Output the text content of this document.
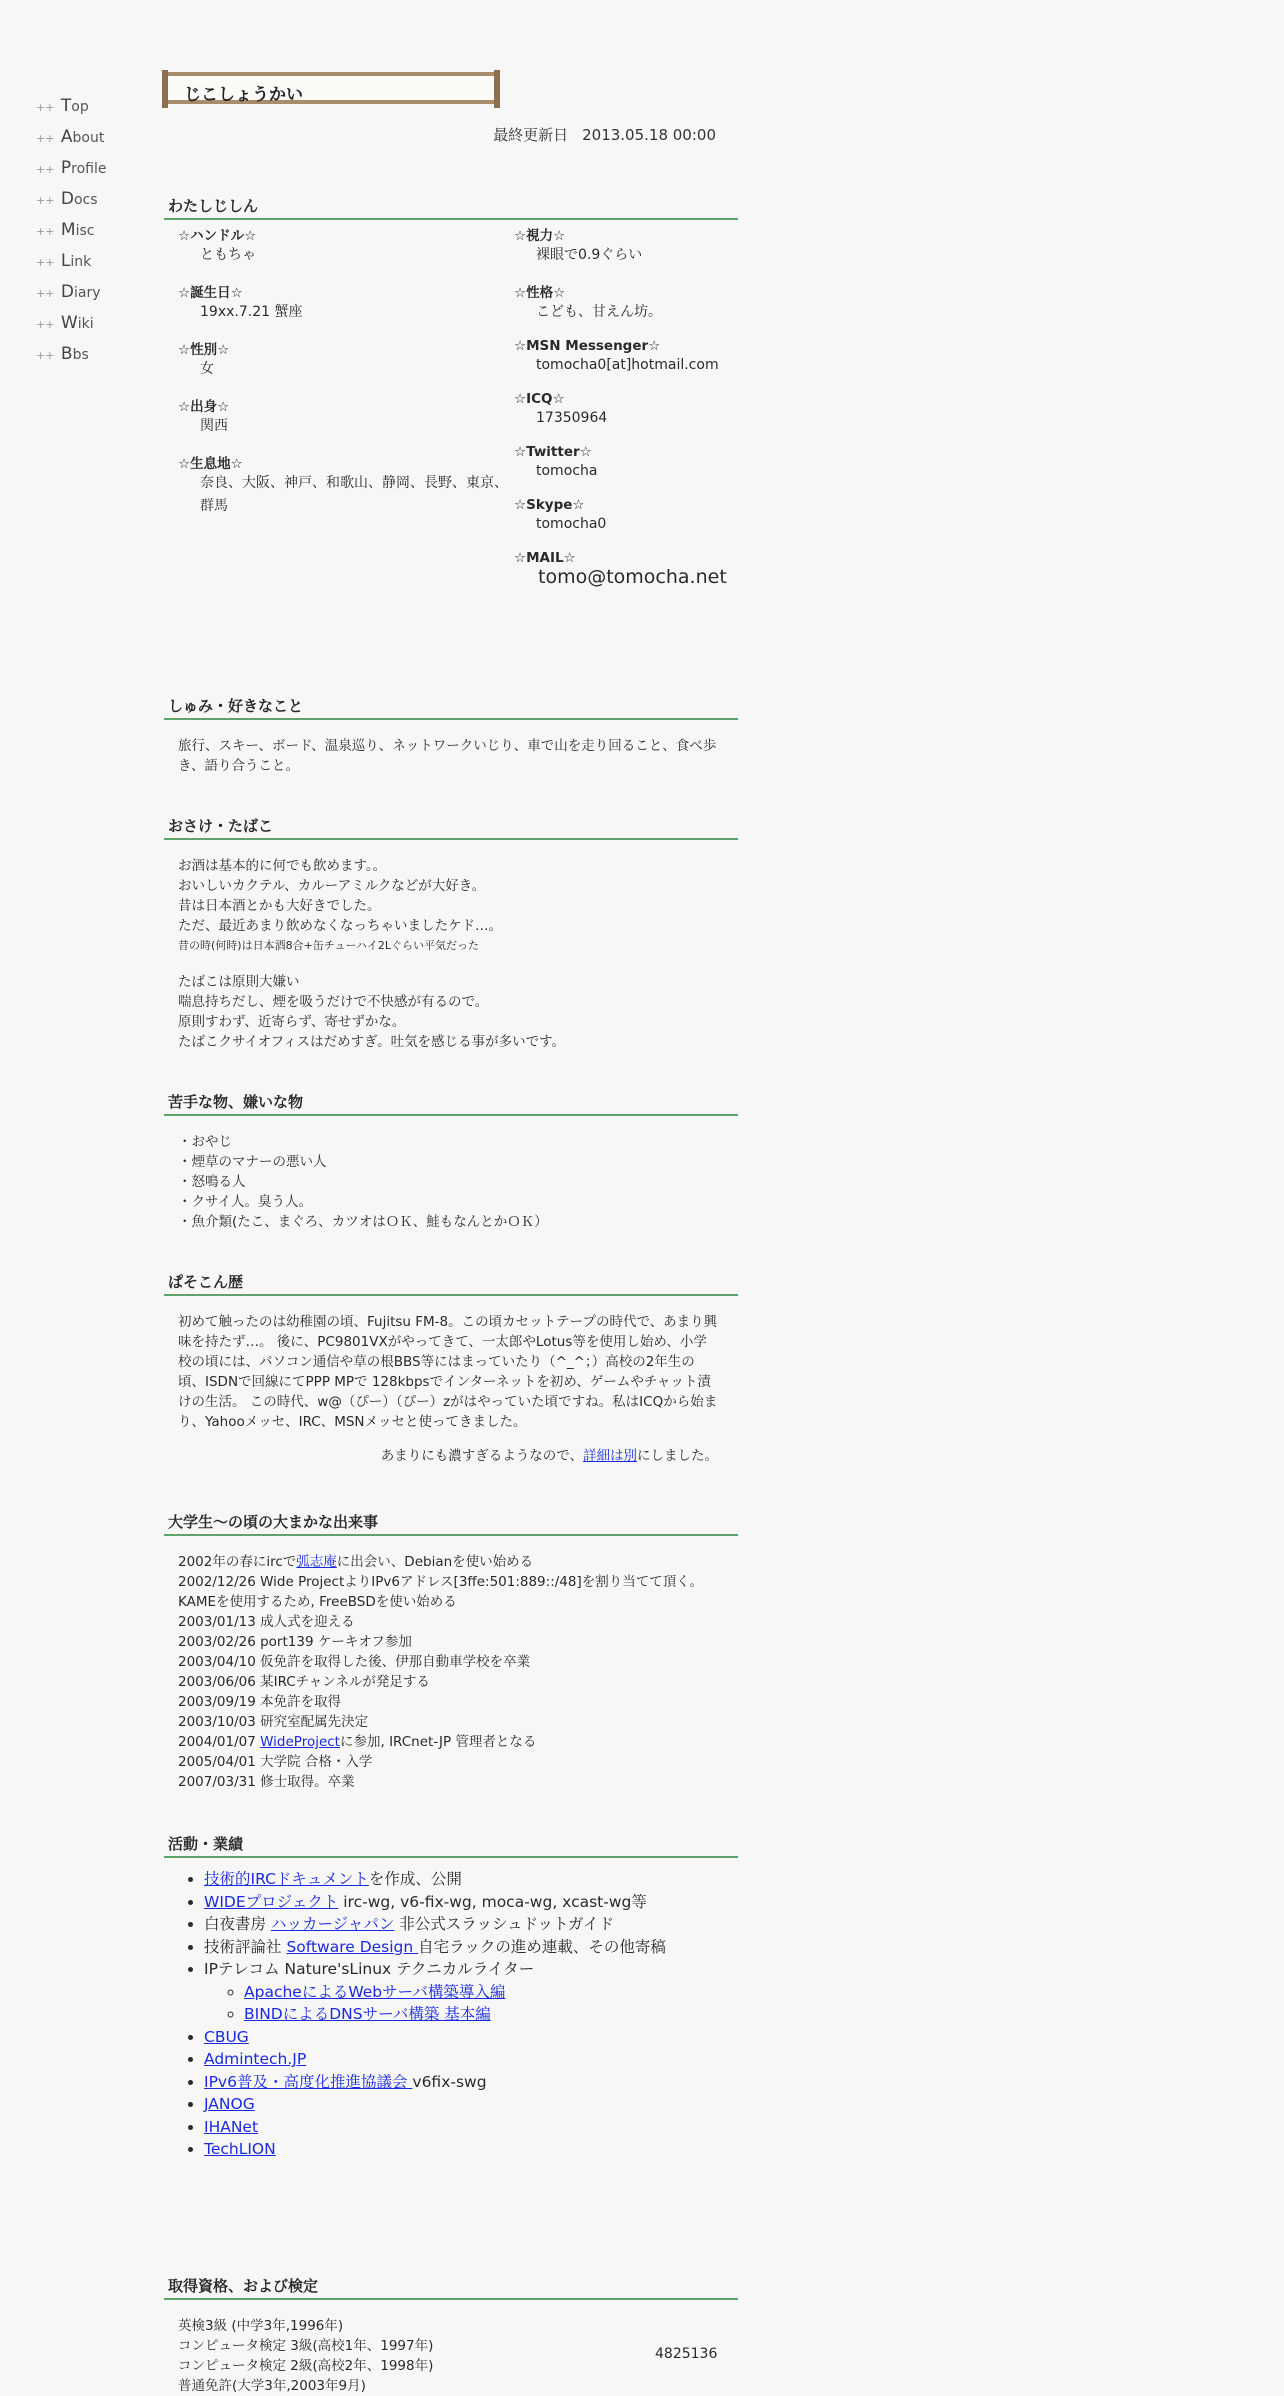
++ Top
++ About
++ Profile
++ Docs
++ Misc
++ Link
++ Diary
++ Wiki
++ Bbs
じこしょうかい
最終更新日 2013.05.18 00:00
わたしじしん
☆ハンドル☆
ともちゃ
☆誕生日☆
19xx.7.21 蟹座
☆性別☆
女
☆出身☆
関西
☆生息地☆
奈良、大阪、神戸、和歌山、静岡、長野、東京、群馬
☆視力☆
裸眼で0.9ぐらい
☆性格☆
こども、甘えん坊。
☆MSN Messenger☆
tomocha0[at]hotmail.com
☆ICQ☆
17350964
☆Twitter☆
tomocha
☆Skype☆
tomocha0
☆MAIL☆
tomo@tomocha.net
しゅみ・好きなこと
旅行、スキー、ボード、温泉巡り、ネットワークいじり、車で山を走り回ること、食べ歩き、語り合うこと。
おさけ・たばこ
お酒は基本的に何でも飲めます。。
おいしいカクテル、カルーアミルクなどが大好き。
昔は日本酒とかも大好きでした。
ただ、最近あまり飲めなくなっちゃいましたケド…。
昔の時(何時)は日本酒8合+缶チューハイ2Lぐらい平気だった
たばこは原則大嫌い
喘息持ちだし、煙を吸うだけで不快感が有るので。
原則すわず、近寄らず、寄せずかな。
たばこクサイオフィスはだめすぎ。吐気を感じる事が多いです。
苦手な物、嫌いな物
・おやじ
・煙草のマナーの悪い人
・怒鳴る人
・クサイ人。臭う人。
・魚介類(たこ、まぐろ、カツオはＯＫ、鮭もなんとかＯＫ）
ぱそこん歴
初めて触ったのは幼稚園の頃、Fujitsu FM-8。この頃カセットテープの時代で、あまり興味を持たず…。 後に、PC9801VXがやってきて、一太郎やLotus等を使用し始め、小学校の頃には、パソコン通信や草の根BBS等にはまっていたり（^_^；）高校の2年生の頃、ISDNで回線にてPPP MPで 128kbpsでインターネットを初め、ゲームやチャット漬けの生活。 この時代、w@（ぴー）（ぴー）zがはやっていた頃ですね。私はICQから始まり、Yahooメッセ、IRC、MSNメッセと使ってきました。
あまりにも濃すぎるようなので、詳細は別にしました。
大学生～の頃の大まかな出来事
2002年の春にircで弧志庵に出会い、Debianを使い始める
2002/12/26 Wide ProjectよりIPv6アドレス[3ffe:501:889::/48]を割り当てて頂く。
KAMEを使用するため, FreeBSDを使い始める
2003/01/13 成人式を迎える
2003/02/26 port139 ケーキオフ参加
2003/04/10 仮免許を取得した後、伊那自動車学校を卒業
2003/06/06 某IRCチャンネルが発足する
2003/09/19 本免許を取得
2003/10/03 研究室配属先決定
2004/01/07 WideProjectに参加, IRCnet-JP 管理者となる
2005/04/01 大学院 合格・入学
2007/03/31 修士取得。卒業
活動・業績
• 技術的IRCドキュメントを作成、公開
• WIDEプロジェクト irc-wg, v6-fix-wg, moca-wg, xcast-wg等
• 白夜書房 ハッカージャパン 非公式スラッシュドットガイド
• 技術評論社 Software Design 自宅ラックの進め連載、その他寄稿
• IPテレコム Nature'sLinux テクニカルライター
◦ ApacheによるWebサーバ構築導入編
◦ BINDによるDNSサーバ構築 基本編
• CBUG
• Admintech.JP
• IPv6普及・高度化推進協議会 v6fix-swg
• JANOG
• IHANet
• TechLION
取得資格、および検定
英検3級 (中学3年,1996年)
コンピュータ検定 3級(高校1年、1997年)
コンピュータ検定 2級(高校2年、1998年)
普通免許(大学3年,2003年9月)
4825136
